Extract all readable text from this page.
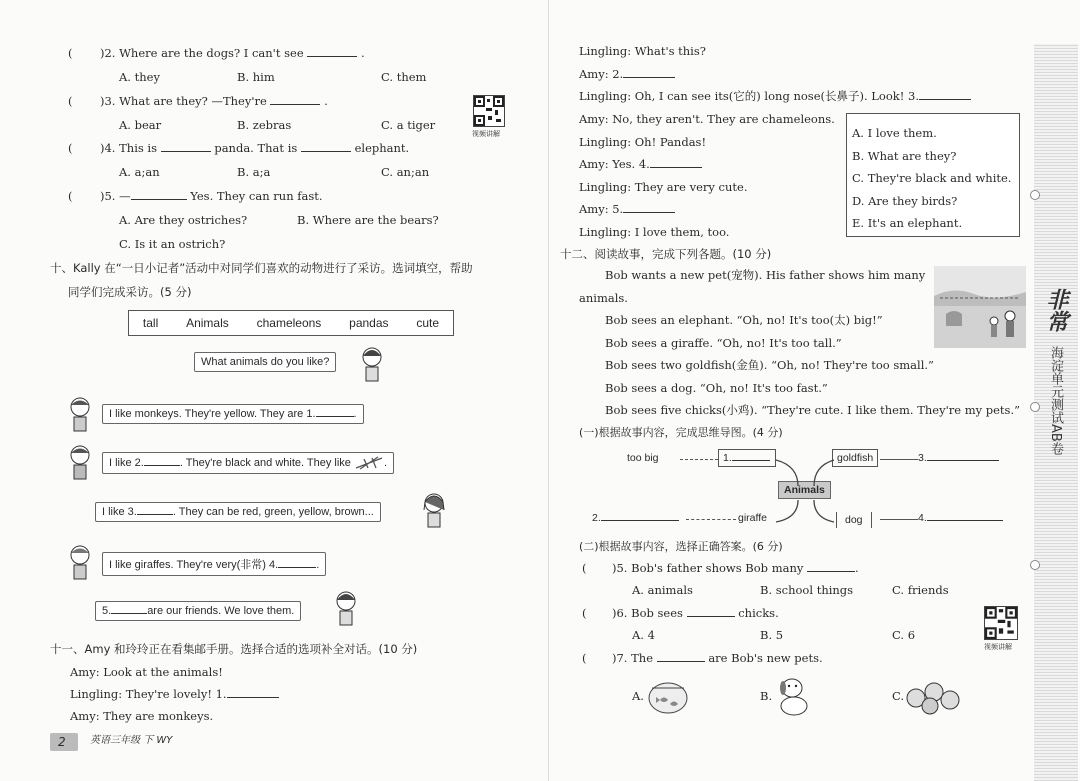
( )2. Where are the dogs? I can't see	.
A. they	B. him	C. them
( )3. What are they? —They're	.
A. bear	B. zebras	C. a tiger
视频讲解
( )4. This is	panda. That is	elephant.
A. a;an	B. a;a	C. an;an
( )5. —	Yes. They can run fast.
A. Are they ostriches?	B. Where are the bears?
C. Is it an ostrich?
十、Kally 在“一日小记者”活动中对同学们喜欢的动物进行了采访。选词填空，帮助
同学们完成采访。(5 分)
tall Animals chameleons pandas cute
What animals do you like?
I like monkeys. They're yellow. They are 1.	.
I like 2.	. They're black and white. They like	.
I like 3.	. They can be red, green, yellow, brown...
I like giraffes. They're very(非常) 4.	.
5.	are our friends. We love them.
十一、Amy 和玲玲正在看集邮手册。选择合适的选项补全对话。(10 分)
Amy: Look at the animals!
Lingling: They're lovely! 1.
Amy: They are monkeys.
2 英语三年级 下 WY
Lingling: What's this?
Amy: 2.
Lingling: Oh, I can see its(它的) long nose(长鼻子). Look! 3.
Amy: No, they aren't. They are chameleons.
Lingling: Oh! Pandas!
Amy: Yes. 4.
Lingling: They are very cute.
Amy: 5.
Lingling: I love them, too.
A. I love them.
B. What are they?
C. They're black and white.
D. Are they birds?
E. It's an elephant.
十二、阅读故事，完成下列各题。(10 分)
Bob wants a new pet(宠物). His father shows him many
animals.
Bob sees an elephant. “Oh, no! It's too(太) big!”
Bob sees a giraffe. “Oh, no! It's too tall.”
Bob sees two goldfish(金鱼). “Oh, no! They're too small.”
Bob sees a dog. “Oh, no! It's too fast.”
Bob sees five chicks(小鸡). “They're cute. I like them. They're my pets.”
(一)根据故事内容，完成思维导图。(4 分)
too big	1.	goldfish	3.
Animals
2.	giraffe	dog	4.
(二)根据故事内容，选择正确答案。(6 分)
( )5. Bob's father shows Bob many	.
A. animals	B. school things	C. friends
( )6. Bob sees	chicks.
A. 4	B. 5	C. 6
视频讲解
( )7. The	are Bob's new pets.
A.	B.	C.
非常
海淀单元测试AB卷
